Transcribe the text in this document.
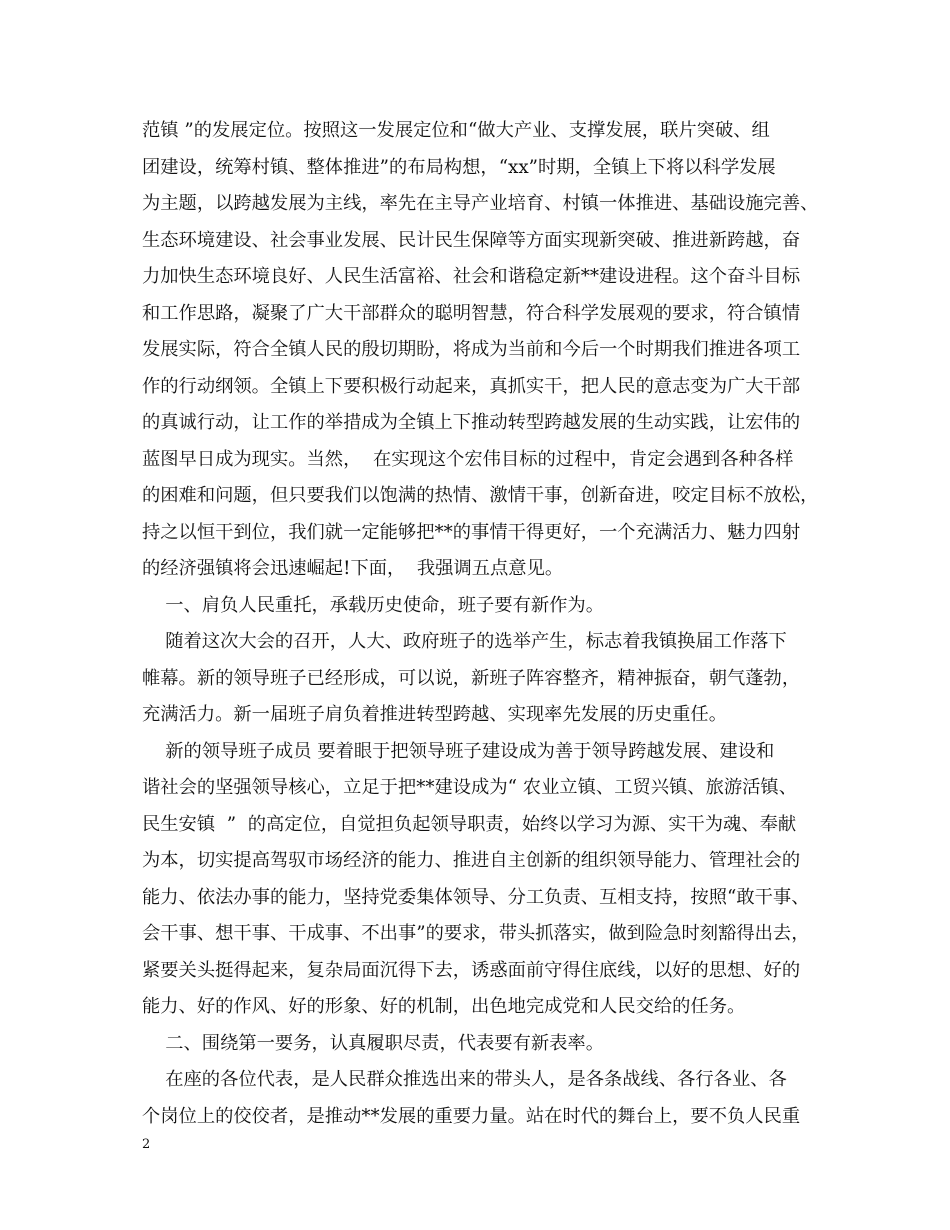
范镇 ”的发展定位。按照这一发展定位和“做大产业、支撑发展，联片突破、组
团建设，统筹村镇、整体推进”的布局构想，“xx”时期，全镇上下将以科学发展
为主题，以跨越发展为主线，率先在主导产业培育、村镇一体推进、基础设施完善、
生态环境建设、社会事业发展、民计民生保障等方面实现新突破、推进新跨越，奋
力加快生态环境良好、人民生活富裕、社会和谐稳定新**建设进程。这个奋斗目标
和工作思路，凝聚了广大干部群众的聪明智慧，符合科学发展观的要求，符合镇情
发展实际，符合全镇人民的殷切期盼，将成为当前和今后一个时期我们推进各项工
作的行动纲领。全镇上下要积极行动起来，真抓实干，把人民的意志变为广大干部
的真诚行动，让工作的举措成为全镇上下推动转型跨越发展的生动实践，让宏伟的
蓝图早日成为现实。当然，  在实现这个宏伟目标的过程中，肯定会遇到各种各样
的困难和问题，但只要我们以饱满的热情、激情干事，创新奋进，咬定目标不放松，
持之以恒干到位，我们就一定能够把**的事情干得更好，一个充满活力、魅力四射
的经济强镇将会迅速崛起!下面，  我强调五点意见。
一、肩负人民重托，承载历史使命，班子要有新作为。
随着这次大会的召开，人大、政府班子的选举产生，标志着我镇换届工作落下
帷幕。新的领导班子已经形成，可以说，新班子阵容整齐，精神振奋，朝气蓬勃，
充满活力。新一届班子肩负着推进转型跨越、实现率先发展的历史重任。
新的领导班子成员 要着眼于把领导班子建设成为善于领导跨越发展、建设和
谐社会的坚强领导核心，立足于把**建设成为“ 农业立镇、工贸兴镇、旅游活镇、
民生安镇  ”  的高定位，自觉担负起领导职责，始终以学习为源、实干为魂、奉献
为本，切实提高驾驭市场经济的能力、推进自主创新的组织领导能力、管理社会的
能力、依法办事的能力，坚持党委集体领导、分工负责、互相支持，按照“敢干事、
会干事、想干事、干成事、不出事”的要求，带头抓落实，做到险急时刻豁得出去，
紧要关头挺得起来，复杂局面沉得下去，诱惑面前守得住底线，以好的思想、好的
能力、好的作风、好的形象、好的机制，出色地完成党和人民交给的任务。
二、围绕第一要务，认真履职尽责，代表要有新表率。
在座的各位代表，是人民群众推选出来的带头人，是各条战线、各行各业、各
个岗位上的佼佼者，是推动**发展的重要力量。站在时代的舞台上，要不负人民重
2
